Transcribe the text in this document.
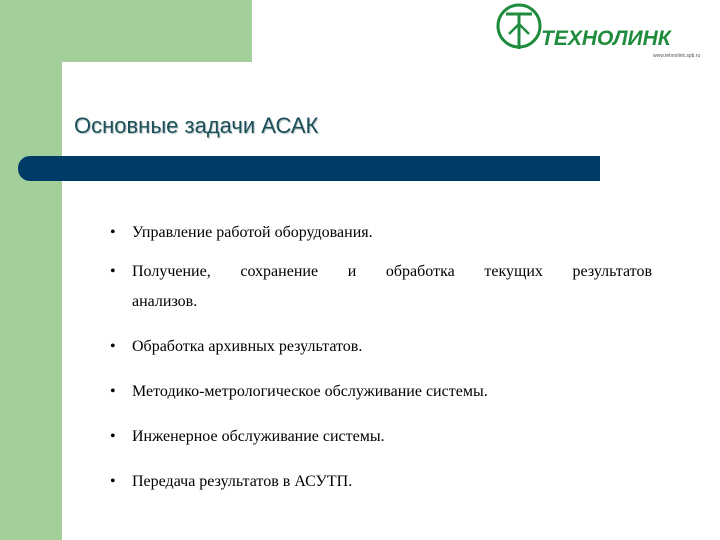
ТЕХНОЛИНК
www.tehnolink.spb.ru
Основные задачи АСАК
• Управление работой оборудования.
• Получение, сохранение и обработка текущих результатов
анализов.
• Обработка архивных результатов.
• Методико-метрологическое обслуживание системы.
• Инженерное обслуживание системы.
• Передача результатов в АСУТП.
